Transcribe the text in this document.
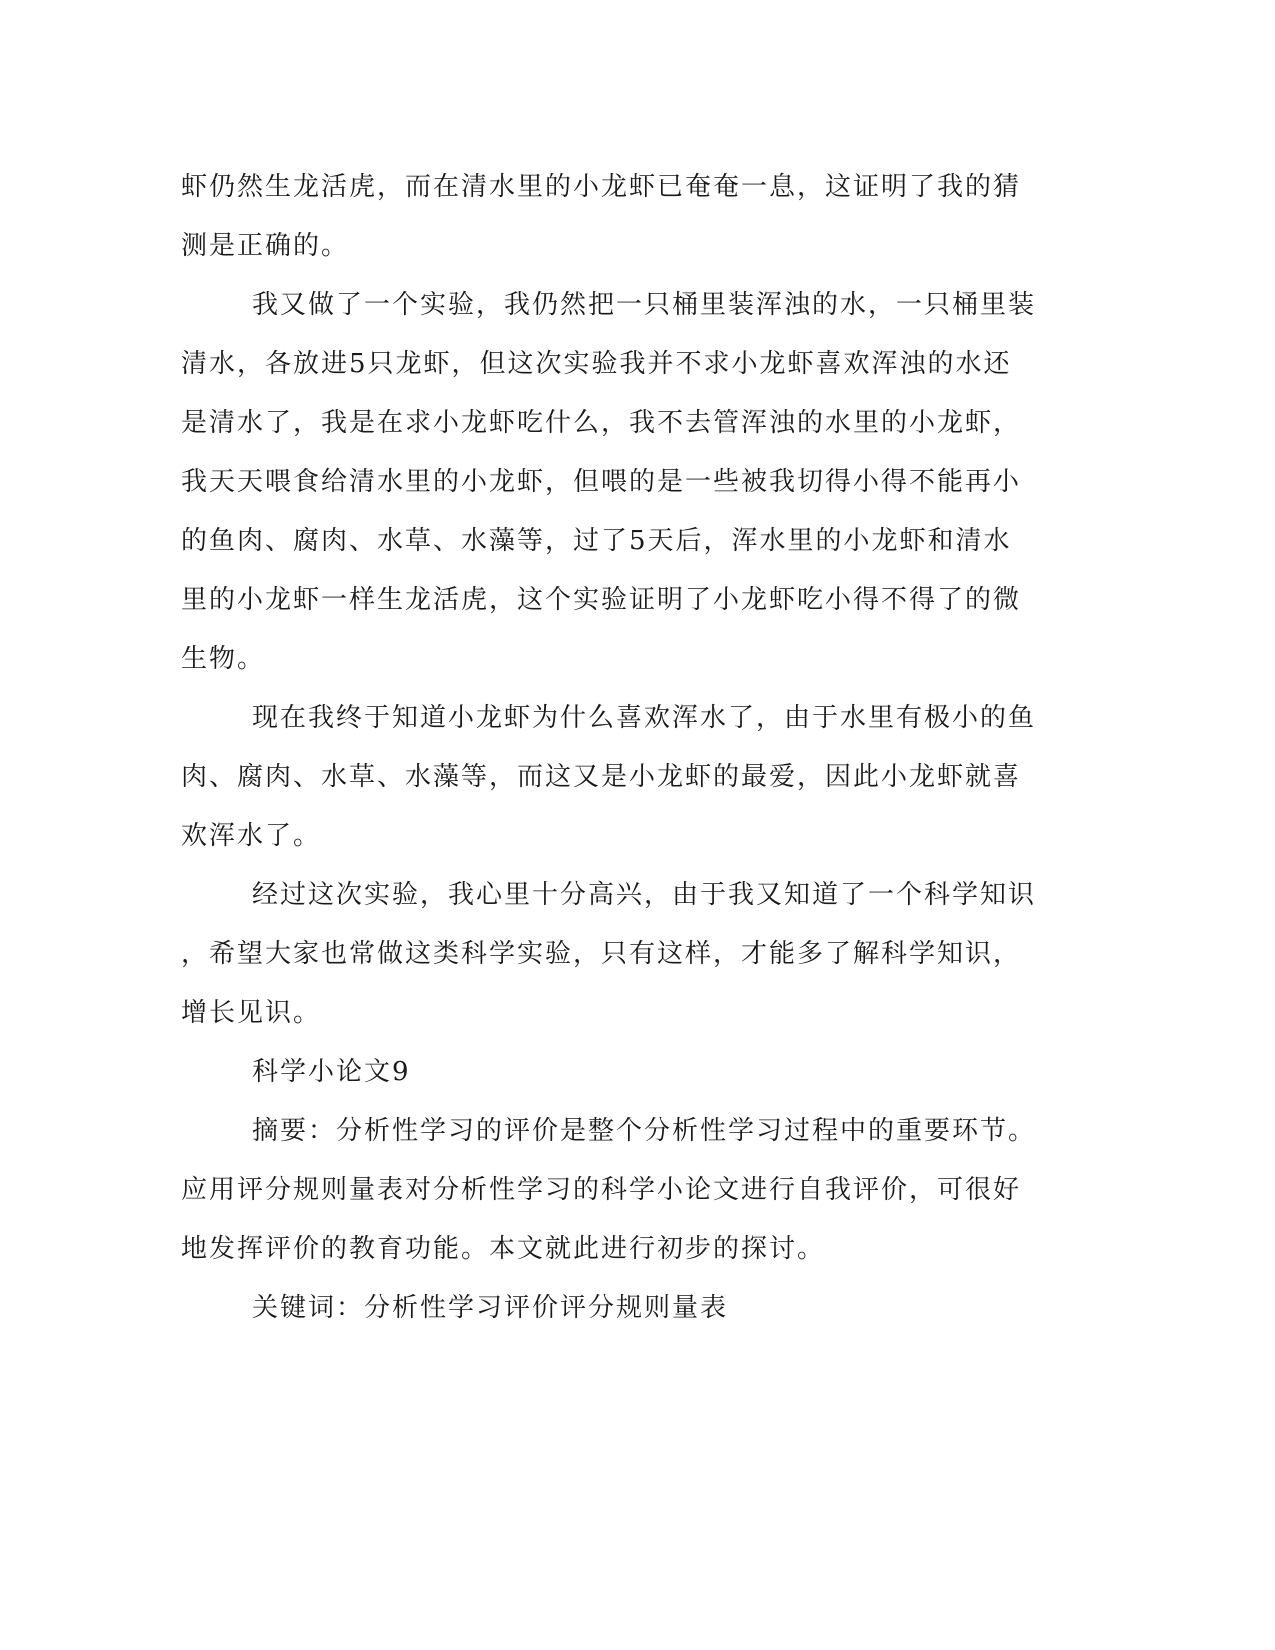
虾仍然生龙活虎，而在清水里的小龙虾已奄奄一息，这证明了我的猜
测是正确的。
我又做了一个实验，我仍然把一只桶里装浑浊的水，一只桶里装
清水，各放进5只龙虾，但这次实验我并不求小龙虾喜欢浑浊的水还
是清水了，我是在求小龙虾吃什么，我不去管浑浊的水里的小龙虾，
我天天喂食给清水里的小龙虾，但喂的是一些被我切得小得不能再小
的鱼肉、腐肉、水草、水藻等，过了5天后，浑水里的小龙虾和清水
里的小龙虾一样生龙活虎，这个实验证明了小龙虾吃小得不得了的微
生物。
现在我终于知道小龙虾为什么喜欢浑水了，由于水里有极小的鱼
肉、腐肉、水草、水藻等，而这又是小龙虾的最爱，因此小龙虾就喜
欢浑水了。
经过这次实验，我心里十分高兴，由于我又知道了一个科学知识
，希望大家也常做这类科学实验，只有这样，才能多了解科学知识，
增长见识。
科学小论文9
摘要：分析性学习的评价是整个分析性学习过程中的重要环节。
应用评分规则量表对分析性学习的科学小论文进行自我评价，可很好
地发挥评价的教育功能。本文就此进行初步的探讨。
关键词：分析性学习评价评分规则量表
